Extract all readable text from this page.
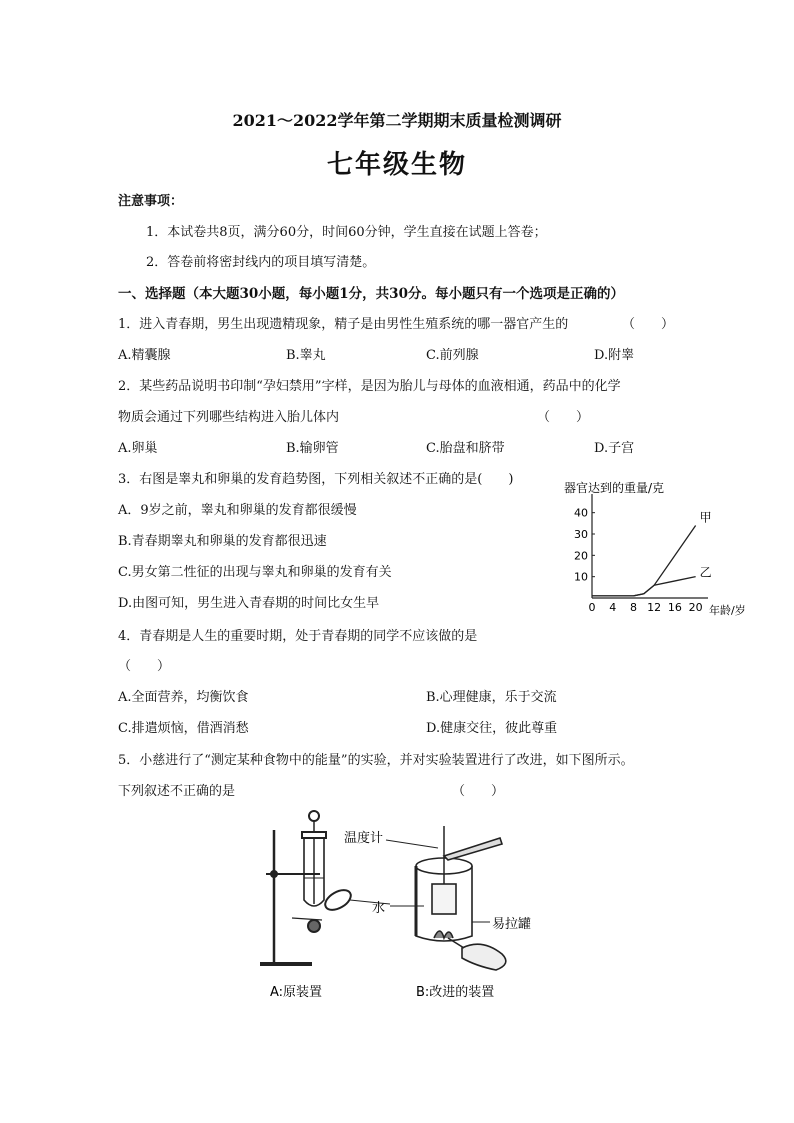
2021～2022学年第二学期期末质量检测调研
七年级生物
注意事项：
1．本试卷共8页，满分60分，时间60分钟，学生直接在试题上答卷；
2．答卷前将密封线内的项目填写清楚。
一、选择题（本大题30小题，每小题1分，共30分。每小题只有一个选项是正确的）
1．进入青春期，男生出现遗精现象，精子是由男性生殖系统的哪一器官产生的	（　　）
A.精囊腺	B.睾丸	C.前列腺	D.附睾
2．某些药品说明书印制“孕妇禁用”字样，是因为胎儿与母体的血液相通，药品中的化学
物质会通过下列哪些结构进入胎儿体内	（　　）
A.卵巢	B.输卵管	C.胎盘和脐带	D.子宫
3．右图是睾丸和卵巢的发育趋势图，下列相关叙述不正确的是(　　)
A．9岁之前，睾丸和卵巢的发育都很缓慢
B.青春期睾丸和卵巢的发育都很迅速
C.男女第二性征的出现与睾丸和卵巢的发育有关
D.由图可知，男生进入青春期的时间比女生早
器官达到的重量/克
年龄/岁
0 4 8 12 16 20
10
20
30
40	甲
乙
4．青春期是人生的重要时期，处于青春期的同学不应该做的是
（　　）
A.全面营养，均衡饮食	B.心理健康，乐于交流
C.排遣烦恼，借酒消愁	D.健康交往，彼此尊重
5．小慈进行了“测定某种食物中的能量”的实验，并对实验装置进行了改进，如下图所示。
下列叙述不正确的是	（　　）
温度计
水
易拉罐
A:原装置	B:改进的装置
